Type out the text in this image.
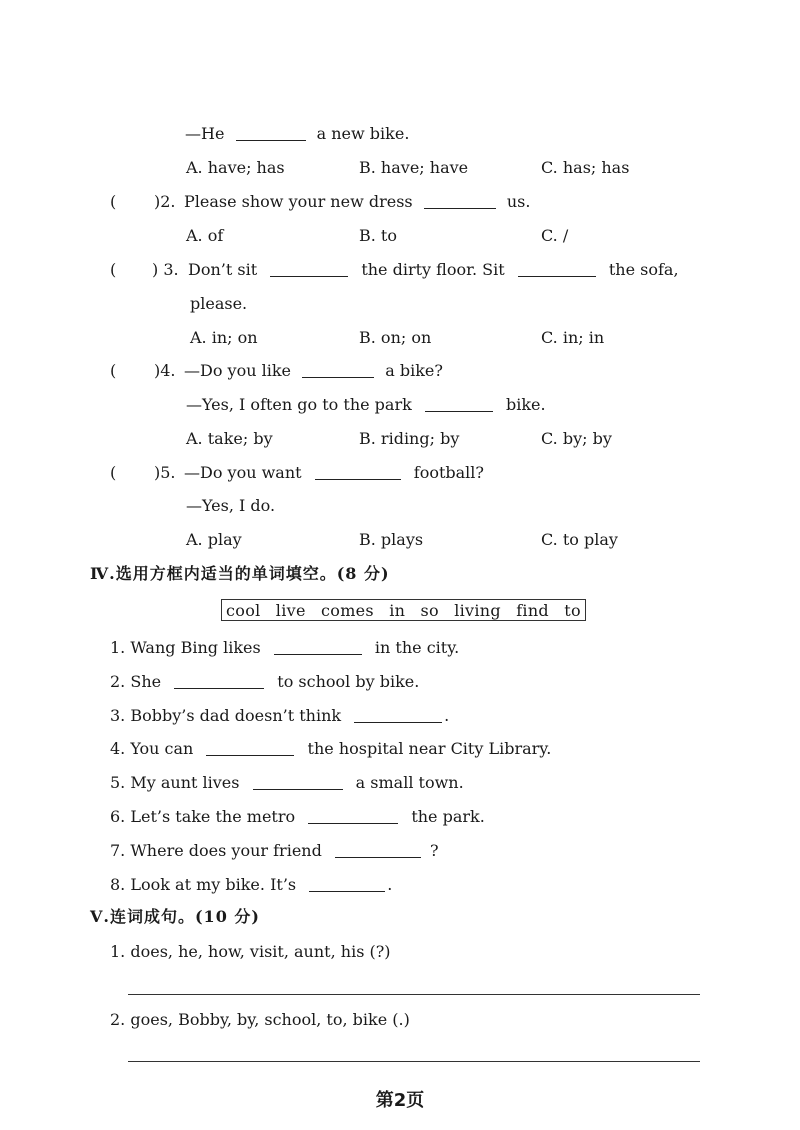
—He	a new bike.
A. have; has	B. have; have	C. has; has
( )2. Please show your new dress	us.
A. of	B. to	C. /
( ) 3. Don’t sit	the dirty floor. Sit	the sofa,
please.
A. in; on	B. on; on	C. in; in
( )4. —Do you like	a bike?
—Yes, I often go to the park	bike.
A. take; by	B. riding; by	C. by; by
( )5. —Do you want	football?
—Yes, I do.
A. play	B. plays	C. to play
Ⅳ.选用方框内适当的单词填空。(8 分)
cool live comes in so living find to
1. Wang Bing likes	in the city.
2. She	to school by bike.
3. Bobby’s dad doesn’t think	.
4. You can	the hospital near City Library.
5. My aunt lives	a small town.
6. Let’s take the metro	the park.
7. Where does your friend	?
8. Look at my bike. It’s	.
Ⅴ.连词成句。(10 分)
1. does, he, how, visit, aunt, his (?)
2. goes, Bobby, by, school, to, bike (.)
第2页
